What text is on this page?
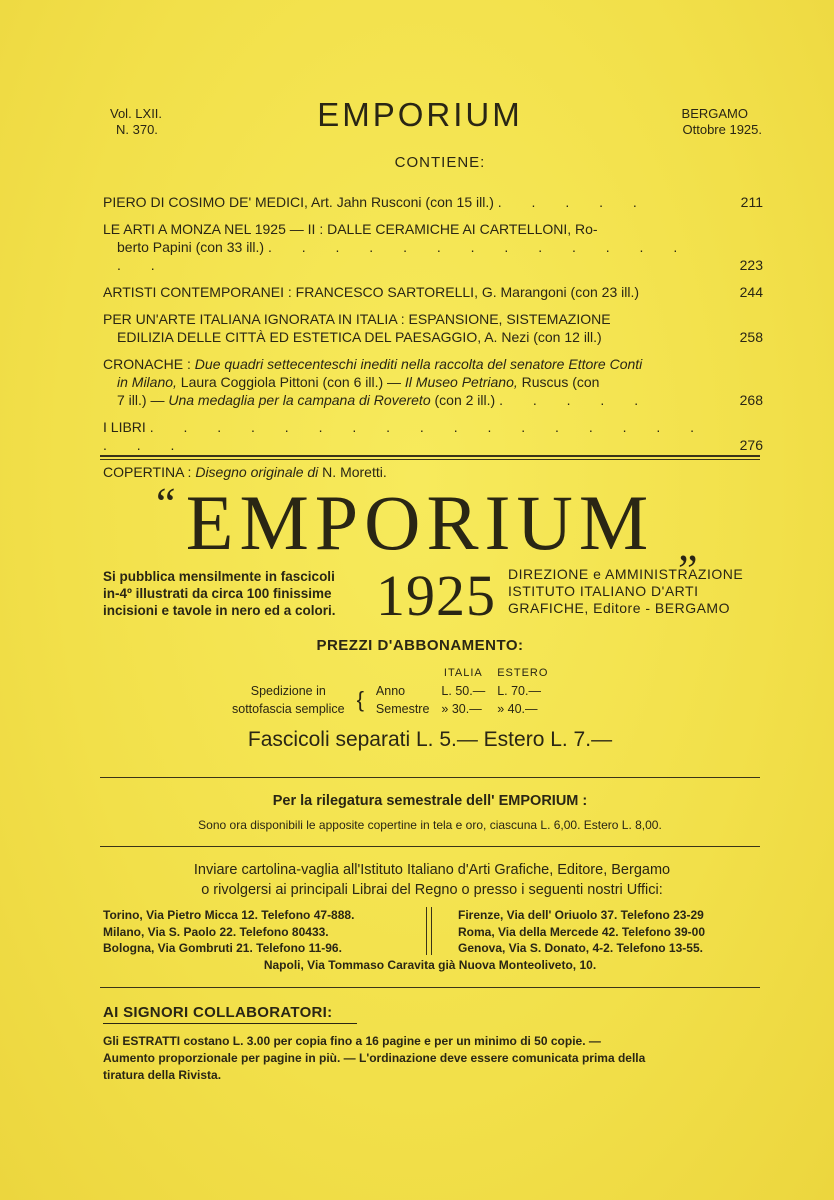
Vol. LXII.
N. 370.	EMPORIUM	BERGAMO
Ottobre 1925.
CONTIENE:
PIERO DI COSIMO DE' MEDICI, Art. Jahn Rusconi (con 15 ill.) . . . . .	211
LE ARTI A MONZA NEL 1925 — II : DALLE CERAMICHE AI CARTELLONI, Ro-
berto Papini (con 33 ill.) . . . . . . . . . . . . . . .	223
ARTISTI CONTEMPORANEI : FRANCESCO SARTORELLI, G. Marangoni (con 23 ill.)	244
PER UN'ARTE ITALIANA IGNORATA IN ITALIA : ESPANSIONE, SISTEMAZIONE
EDILIZIA DELLE CITTÀ ED ESTETICA DEL PAESAGGIO, A. Nezi (con 12 ill.)	258
CRONACHE : Due quadri settecenteschi inediti nella raccolta del senatore Ettore Conti
in Milano, Laura Coggiola Pittoni (con 6 ill.) — Il Museo Petriano, Ruscus (con
7 ill.) — Una medaglia per la campana di Rovereto (con 2 ill.) . . . . .	268
I LIBRI . . . . . . . . . . . . . . . . . . . .	276
COPERTINA : Disegno originale di N. Moretti.
“ EMPORIUM „
Si pubblica mensilmente in fascicoli
in-4º illustrati da circa 100 finissime
incisioni e tavole in nero ed a colori. 1925 DIREZIONE e AMMINISTRAZIONE
ISTITUTO ITALIANO D'ARTI
GRAFICHE, Editore - BERGAMO
PREZZI D'ABBONAMENTO:
			ITALIA	ESTERO
Spedizione in	{	Anno	L. 50.—	L. 70.—
sottofascia semplice		Semestre	» 30.—	» 40.—
Fascicoli separati L. 5.— Estero L. 7.—
Per la rilegatura semestrale dell' EMPORIUM :
Sono ora disponibili le apposite copertine in tela e oro, ciascuna L. 6,00. Estero L. 8,00.
Inviare cartolina-vaglia all'Istituto Italiano d'Arti Grafiche, Editore, Bergamo
o rivolgersi ai principali Librai del Regno o presso i seguenti nostri Uffici:
Torino, Via Pietro Micca 12. Telefono 47-888.
Milano, Via S. Paolo 22. Telefono 80433.
Bologna, Via Gombruti 21. Telefono 11-96.
Firenze, Via dell' Oriuolo 37. Telefono 23-29
Roma, Via della Mercede 42. Telefono 39-00
Genova, Via S. Donato, 4-2. Telefono 13-55.
Napoli, Via Tommaso Caravita già Nuova Monteoliveto, 10.
AI SIGNORI COLLABORATORI:
Gli ESTRATTI costano L. 3.00 per copia fino a 16 pagine e per un minimo di 50 copie. —
Aumento proporzionale per pagine in più. — L'ordinazione deve essere comunicata prima della
tiratura della Rivista.
